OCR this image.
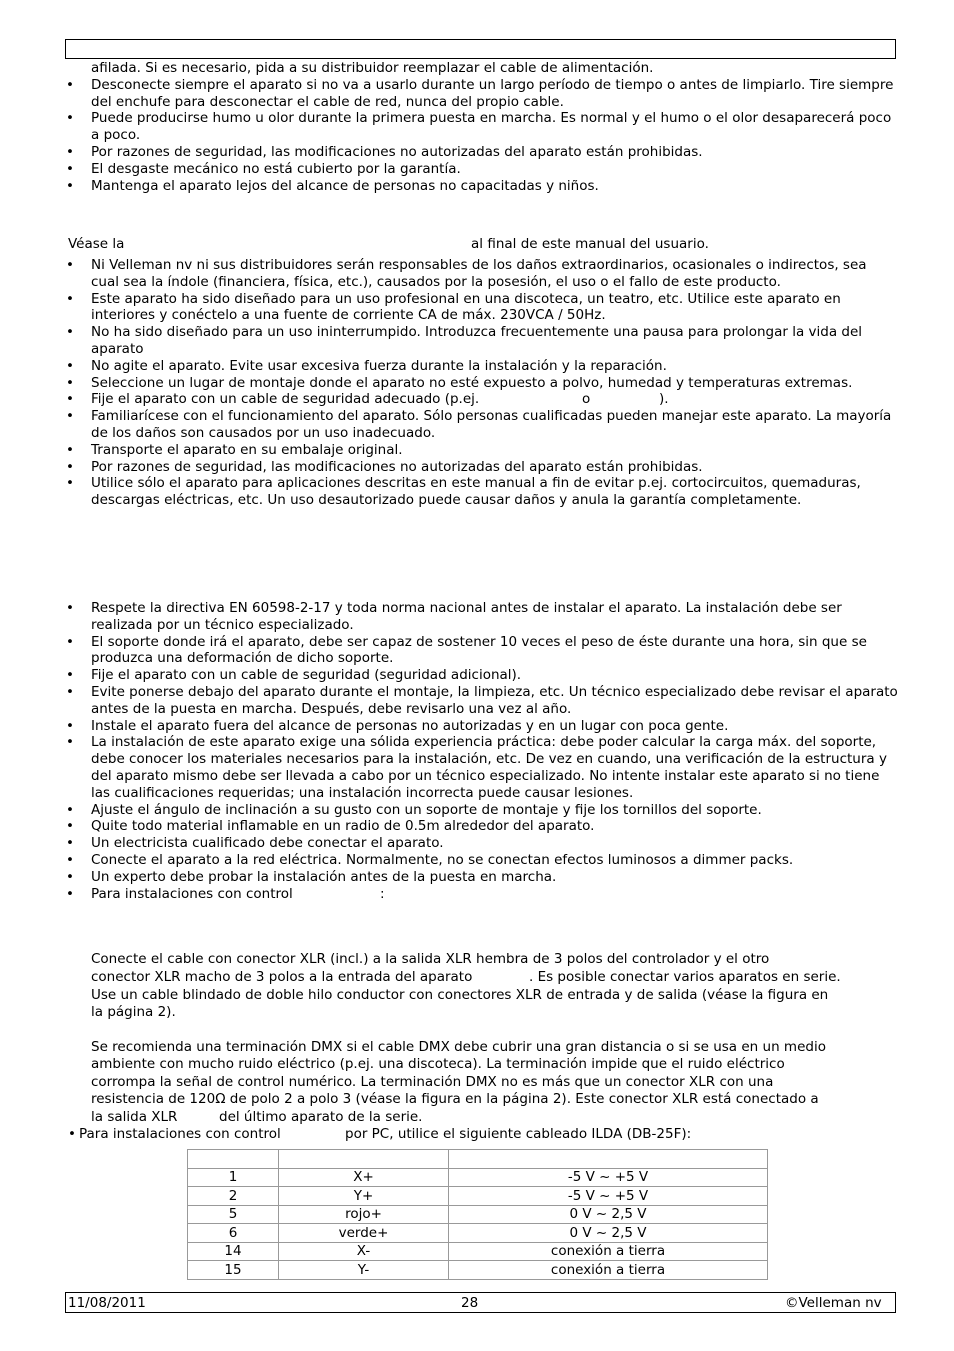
afilada. Si es necesario, pida a su distribuidor reemplazar el cable de alimentación.
• Desconecte siempre el aparato si no va a usarlo durante un largo período de tiempo o antes de limpiarlo. Tire siempre del enchufe para desconectar el cable de red, nunca del propio cable.
• Puede producirse humo u olor durante la primera puesta en marcha. Es normal y el humo o el olor desaparecerá poco a poco.
• Por razones de seguridad, las modificaciones no autorizadas del aparato están prohibidas.
• El desgaste mecánico no está cubierto por la garantía.
• Mantenga el aparato lejos del alcance de personas no capacitadas y niños.
Véase la	al final de este manual del usuario.
• Ni Velleman nv ni sus distribuidores serán responsables de los daños extraordinarios, ocasionales o indirectos, sea cual sea la índole (financiera, física, etc.), causados por la posesión, el uso o el fallo de este producto.
• Este aparato ha sido diseñado para un uso profesional en una discoteca, un teatro, etc. Utilice este aparato en interiores y conéctelo a una fuente de corriente CA de máx. 230VCA / 50Hz.
• No ha sido diseñado para un uso ininterrumpido. Introduzca frecuentemente una pausa para prolongar la vida del aparato
• No agite el aparato. Evite usar excesiva fuerza durante la instalación y la reparación.
• Seleccione un lugar de montaje donde el aparato no esté expuesto a polvo, humedad y temperaturas extremas.
• Fije el aparato con un cable de seguridad adecuado (p.ej.	o	).
• Familiarícese con el funcionamiento del aparato. Sólo personas cualificadas pueden manejar este aparato. La mayoría de los daños son causados por un uso inadecuado.
• Transporte el aparato en su embalaje original.
• Por razones de seguridad, las modificaciones no autorizadas del aparato están prohibidas.
• Utilice sólo el aparato para aplicaciones descritas en este manual a fin de evitar p.ej. cortocircuitos, quemaduras, descargas eléctricas, etc. Un uso desautorizado puede causar daños y anula la garantía completamente.
• Respete la directiva EN 60598-2-17 y toda norma nacional antes de instalar el aparato. La instalación debe ser realizada por un técnico especializado.
• El soporte donde irá el aparato, debe ser capaz de sostener 10 veces el peso de éste durante una hora, sin que se produzca una deformación de dicho soporte.
• Fije el aparato con un cable de seguridad (seguridad adicional).
• Evite ponerse debajo del aparato durante el montaje, la limpieza, etc. Un técnico especializado debe revisar el aparato antes de la puesta en marcha. Después, debe revisarlo una vez al año.
• Instale el aparato fuera del alcance de personas no autorizadas y en un lugar con poca gente.
• La instalación de este aparato exige una sólida experiencia práctica: debe poder calcular la carga máx. del soporte, debe conocer los materiales necesarios para la instalación, etc. De vez en cuando, una verificación de la estructura y del aparato mismo debe ser llevada a cabo por un técnico especializado. No intente instalar este aparato si no tiene las cualificaciones requeridas; una instalación incorrecta puede causar lesiones.
• Ajuste el ángulo de inclinación a su gusto con un soporte de montaje y fije los tornillos del soporte.
• Quite todo material inflamable en un radio de 0.5m alrededor del aparato.
• Un electricista cualificado debe conectar el aparato.
• Conecte el aparato a la red eléctrica. Normalmente, no se conectan efectos luminosos a dimmer packs.
• Un experto debe probar la instalación antes de la puesta en marcha.
• Para instalaciones con control	:
Conecte el cable con conector XLR (incl.) a la salida XLR hembra de 3 polos del controlador y el otro
conector XLR macho de 3 polos a la entrada del aparato	. Es posible conectar varios aparatos en serie.
Use un cable blindado de doble hilo conductor con conectores XLR de entrada y de salida (véase la figura en
la página 2).
Se recomienda una terminación DMX si el cable DMX debe cubrir una gran distancia o si se usa en un medio
ambiente con mucho ruido eléctrico (p.ej. una discoteca). La terminación impide que el ruido eléctrico
corrompa la señal de control numérico. La terminación DMX no es más que un conector XLR con una
resistencia de 120Ω de polo 2 a polo 3 (véase la figura en la página 2). Este conector XLR está conectado a
la salida XLR	del último aparato de la serie.
• Para instalaciones con control	por PC, utilice el siguiente cableado ILDA (DB-25F):

1	X+	-5 V ~ +5 V
2	Y+	-5 V ~ +5 V
5	rojo+	0 V ~ 2,5 V
6	verde+	0 V ~ 2,5 V
14	X-	conexión a tierra
15	Y-	conexión a tierra
11/08/2011	28	©Velleman nv
